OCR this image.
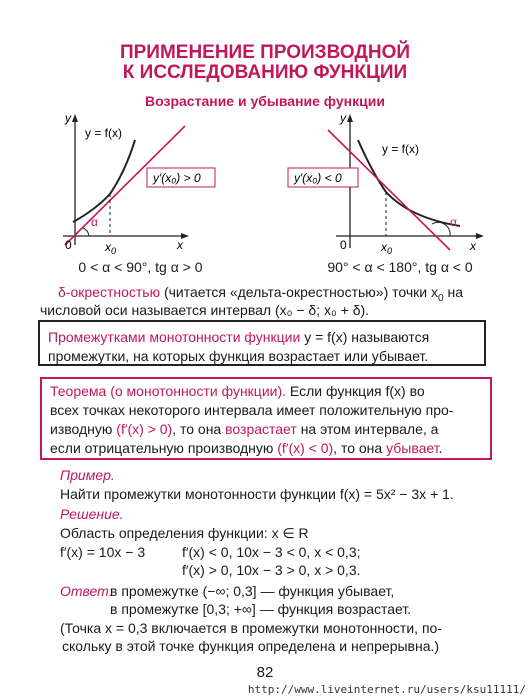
ПРИМЕНЕНИЕ ПРОИЗВОДНОЙ
К ИССЛЕДОВАНИЮ ФУНКЦИИ
Возрастание и убывание функции
y
x
0	$x_0$
y = f(x)
y′(x₀) > 0
α
0 < α < 90°, tg α > 0
y
x
0	$x_0$
y = f(x)
y′(x₀) < 0
α
90° < α < 180°, tg α < 0
δ-окрестностью (читается «дельта-окрестностью») точки $x_0$ на
числовой оси называется интервал (x₀ − δ; x₀ + δ).
Промежутками монотонности функции y = f(x) называются
промежутки, на которых функция возрастает или убывает.
Теорема (о монотонности функции). Если функция f(x) во
всех точках некоторого интервала имеет положительную про-
изводную (f′(x) > 0), то она возрастает на этом интервале, а
если отрицательную производную (f′(x) < 0), то она убывает.
Пример.
Найти промежутки монотонности функции f(x) = 5x² − 3x + 1.
Решение.
Область определения функции: x ∈ R
f′(x) = 10x − 3	f′(x) < 0, 10x − 3 < 0, x < 0,3;
f′(x) > 0, 10x − 3 > 0, x > 0,3.
Ответ:
в промежутке (−∞; 0,3] — функция убывает,
в промежутке [0,3; +∞] — функция возрастает.
(Точка x = 0,3 включается в промежутки монотонности, по-
скольку в этой точке функция определена и непрерывна.)
82
http://www.liveinternet.ru/users/ksu11111/
